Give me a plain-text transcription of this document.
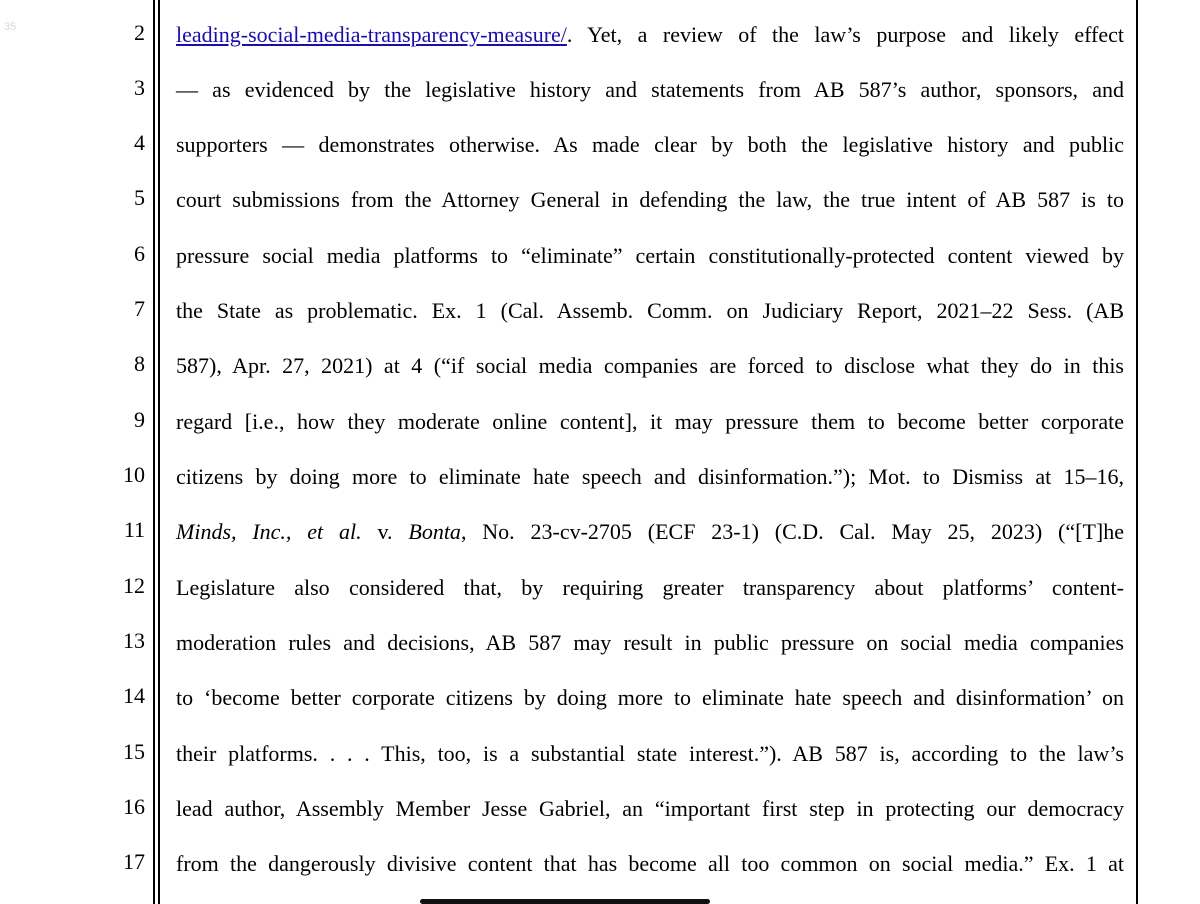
35	2
3
4
5
6
7
8
9
10
11
12
13
14
15
16
17
leading-social-media-transparency-measure/. Yet, a review of the law’s purpose and likely effect
— as evidenced by the legislative history and statements from AB 587’s author, sponsors, and
supporters — demonstrates otherwise. As made clear by both the legislative history and public
court submissions from the Attorney General in defending the law, the true intent of AB 587 is to
pressure social media platforms to “eliminate” certain constitutionally-protected content viewed by
the State as problematic. Ex. 1 (Cal. Assemb. Comm. on Judiciary Report, 2021–22 Sess. (AB
587), Apr. 27, 2021) at 4 (“if social media companies are forced to disclose what they do in this
regard [i.e., how they moderate online content], it may pressure them to become better corporate
citizens by doing more to eliminate hate speech and disinformation.”); Mot. to Dismiss at 15–16,
Minds, Inc., et al. v. Bonta, No. 23-cv-2705 (ECF 23-1) (C.D. Cal. May 25, 2023) (“[T]he
Legislature also considered that, by requiring greater transparency about platforms’ content-
moderation rules and decisions, AB 587 may result in public pressure on social media companies
to ‘become better corporate citizens by doing more to eliminate hate speech and disinformation’ on
their platforms. . . . This, too, is a substantial state interest.”). AB 587 is, according to the law’s
lead author, Assembly Member Jesse Gabriel, an “important first step in protecting our democracy
from the dangerously divisive content that has become all too common on social media.” Ex. 1 at
